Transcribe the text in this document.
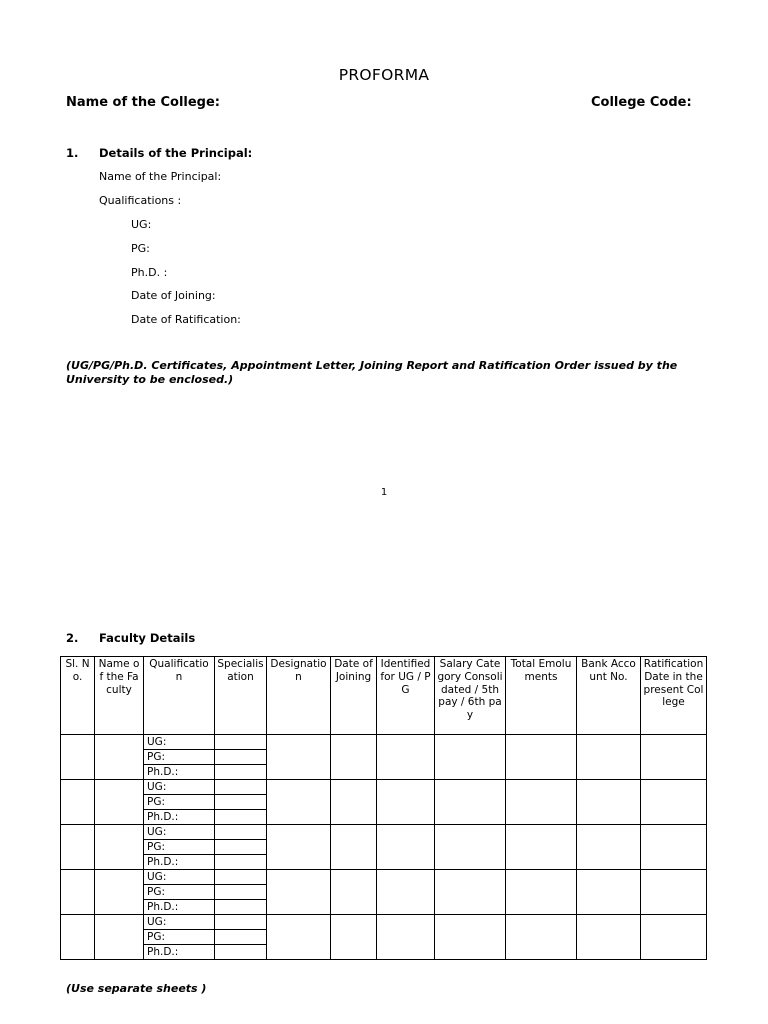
PROFORMA
Name of the College:	College Code:
1. Details of the Principal:
Name of the Principal:
Qualifications :
UG:
PG:
Ph.D. :
Date of Joining:
Date of Ratification:
(UG/PG/Ph.D. Certificates, Appointment Letter, Joining Report and Ratification Order issued by the University to be enclosed.)
1
2. Faculty Details
Sl. No.	Name of the Faculty	Qualification	Specialisation	Designation	Date of Joining	Identified for UG / PG	Salary Category Consolidated / 5th pay / 6th pay	Total Emoluments	Bank Account No.	Ratification Date in the present College
		UG:								
		PG:								
		Ph.D.:								
		UG:								
		PG:								
		Ph.D.:								
		UG:								
		PG:								
		Ph.D.:								
		UG:								
		PG:								
		Ph.D.:								
		UG:								
		PG:								
		Ph.D.:								
(Use separate sheets )
